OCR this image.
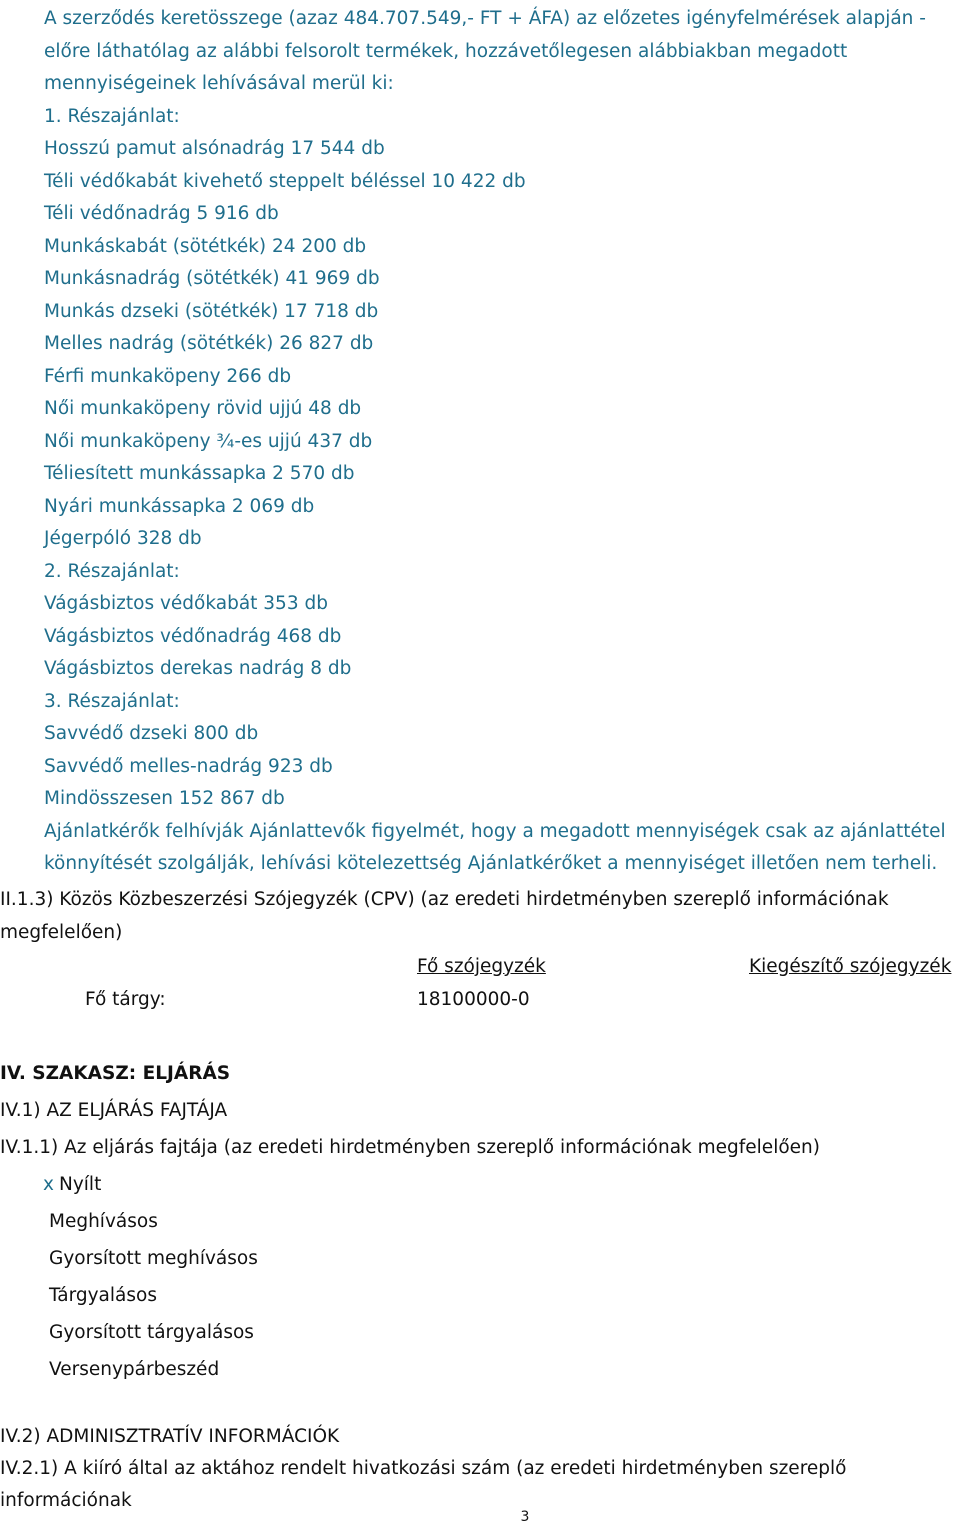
A szerződés keretösszege (azaz 484.707.549,- FT + ÁFA) az előzetes igényfelmérések alapján - előre láthatólag az alábbi felsorolt termékek, hozzávetőlegesen alábbiakban megadott mennyiségeinek lehívásával merül ki:
1. Részajánlat:
Hosszú pamut alsónadrág 17 544 db
Téli védőkabát kivehető steppelt béléssel 10 422 db
Téli védőnadrág 5 916 db
Munkáskabát (sötétkék) 24 200 db
Munkásnadrág (sötétkék) 41 969 db
Munkás dzseki (sötétkék) 17 718 db
Melles nadrág (sötétkék) 26 827 db
Férfi munkaköpeny 266 db
Női munkaköpeny rövid ujjú 48 db
Női munkaköpeny ¾-es ujjú 437 db
Téliesített munkássapka 2 570 db
Nyári munkássapka 2 069 db
Jégerpóló 328 db
2. Részajánlat:
Vágásbiztos védőkabát 353 db
Vágásbiztos védőnadrág 468 db
Vágásbiztos derekas nadrág 8 db
3. Részajánlat:
Savvédő dzseki 800 db
Savvédő melles-nadrág 923 db
Mindösszesen 152 867 db
Ajánlatkérők felhívják Ajánlattevők figyelmét, hogy a megadott mennyiségek csak az ajánlattétel könnyítését szolgálják, lehívási kötelezettség Ajánlatkérőket a mennyiséget illetően nem terheli.
II.1.3) Közös Közbeszerzési Szójegyzék (CPV) (az eredeti hirdetményben szereplő információnak megfelelően)
Fő szójegyzék	Kiegészítő szójegyzék
Fő tárgy:	18100000-0
IV. SZAKASZ: ELJÁRÁS
IV.1) AZ ELJÁRÁS FAJTÁJA
IV.1.1) Az eljárás fajtája (az eredeti hirdetményben szereplő információnak megfelelően)
x Nyílt
Meghívásos
Gyorsított meghívásos
Tárgyalásos
Gyorsított tárgyalásos
Versenypárbeszéd
IV.2) ADMINISZTRATÍV INFORMÁCIÓK
IV.2.1) A kiíró által az aktához rendelt hivatkozási szám (az eredeti hirdetményben szereplő információnak
3
